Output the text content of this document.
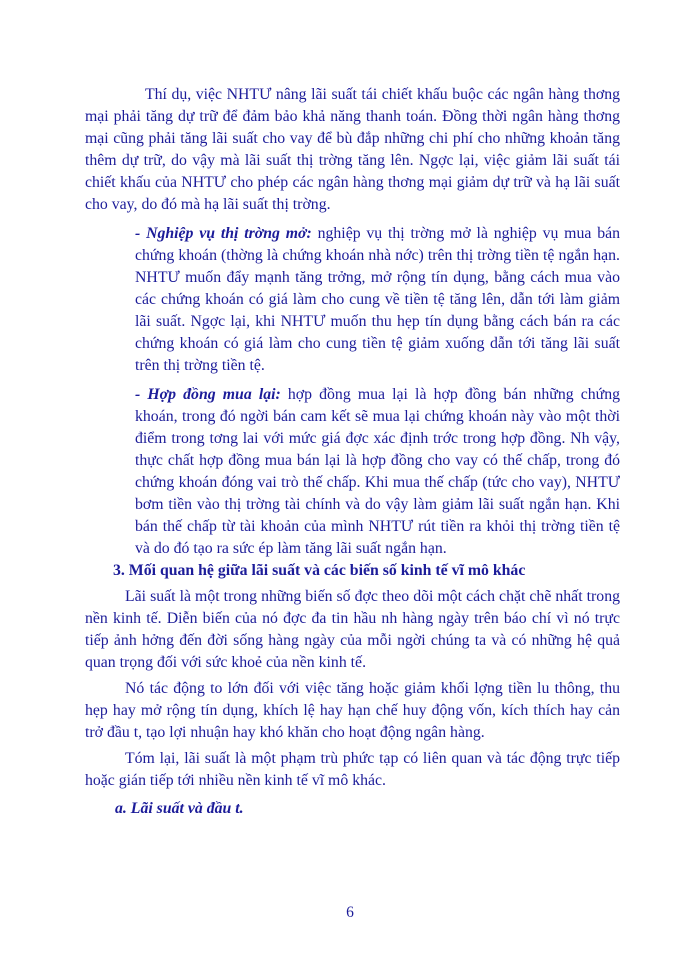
Thí dụ, việc NHTƯ nâng lãi suất tái chiết khấu buộc các ngân hàng thơng mại phải tăng dự trữ để đảm bảo khả năng thanh toán. Đồng thời ngân hàng thơng mại cũng phải tăng lãi suất cho vay để bù đắp những chi phí cho những khoản tăng thêm dự trữ, do vậy mà lãi suất thị trờng tăng lên. Ngợc lại, việc giảm lãi suất tái chiết khấu của NHTƯ cho phép các ngân hàng thơng mại giảm dự trữ và hạ lãi suất cho vay, do đó mà hạ lãi suất thị trờng.

- Nghiệp vụ thị trờng mở: nghiệp vụ thị trờng mở là nghiệp vụ mua bán chứng khoán (thờng là chứng khoán nhà nớc) trên thị trờng tiền tệ ngắn hạn. NHTƯ muốn đẩy mạnh tăng trởng, mở rộng tín dụng, bằng cách mua vào các chứng khoán có giá làm cho cung về tiền tệ tăng lên, dẫn tới làm giảm lãi suất. Ngợc lại, khi NHTƯ muốn thu hẹp tín dụng bằng cách bán ra các chứng khoán có giá làm cho cung tiền tệ giảm xuống dẫn tới tăng lãi suất trên thị trờng tiền tệ.

- Hợp đồng mua lại: hợp đồng mua lại là hợp đồng bán những chứng khoán, trong đó ngời bán cam kết sẽ mua lại chứng khoán này vào một thời điểm trong tơng lai với mức giá đợc xác định trớc trong hợp đồng. Nh vậy, thực chất hợp đồng mua bán lại là hợp đồng cho vay có thế chấp, trong đó chứng khoán đóng vai trò thế chấp. Khi mua thế chấp (tức cho vay), NHTƯ bơm tiền vào thị trờng tài chính và do vậy làm giảm lãi suất ngắn hạn. Khi bán thế chấp từ tài khoản của mình NHTƯ rút tiền ra khỏi thị trờng tiền tệ và do đó tạo ra sức ép làm tăng lãi suất ngắn hạn.

3. Mối quan hệ giữa lãi suất và các biến số kinh tế vĩ mô khác

Lãi suất là một trong những biến số đợc theo dõi một cách chặt chẽ nhất trong nền kinh tế. Diễn biến của nó đợc đa tin hầu nh hàng ngày trên báo chí vì nó trực tiếp ảnh hởng đến đời sống hàng ngày của mỗi ngời chúng ta và có những hệ quả quan trọng đối với sức khoẻ của nền kinh tế.

Nó tác động to lớn đối với việc tăng hoặc giảm khối lợng tiền lu thông, thu hẹp hay mở rộng tín dụng, khích lệ hay hạn chế huy động vốn, kích thích hay cản trở đầu t, tạo lợi nhuận hay khó khăn cho hoạt động ngân hàng.

Tóm lại, lãi suất là một phạm trù phức tạp có liên quan và tác động trực tiếp hoặc gián tiếp tới nhiều nền kinh tế vĩ mô khác.

a. Lãi suất và đầu t.

6
